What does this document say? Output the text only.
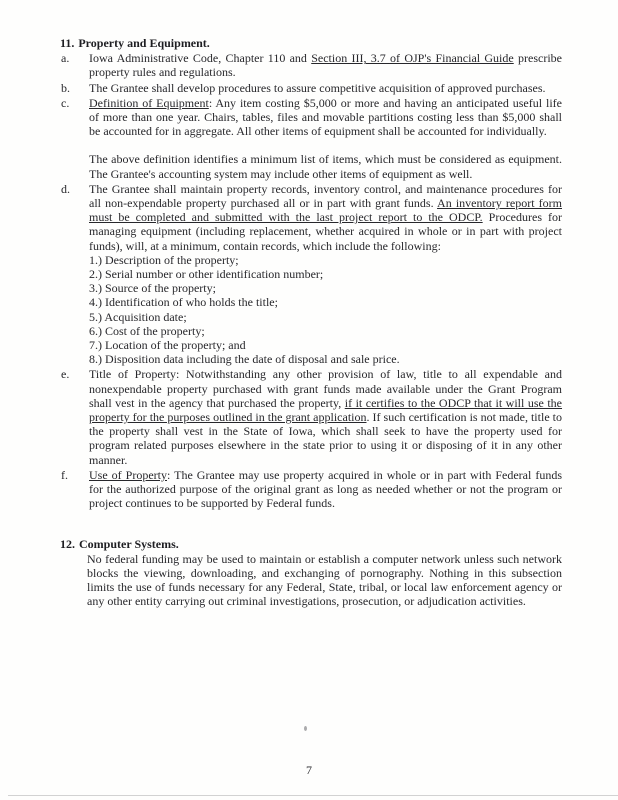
11. Property and Equipment.
a.	Iowa Administrative Code, Chapter 110 and Section III, 3.7 of OJP's Financial Guide prescribe property rules and regulations.

b.	The Grantee shall develop procedures to assure competitive acquisition of approved purchases.

c.	Definition of Equipment: Any item costing $5,000 or more and having an anticipated useful life of more than one year. Chairs, tables, files and movable partitions costing less than $5,000 shall be accounted for in aggregate. All other items of equipment shall be accounted for individually.

The above definition identifies a minimum list of items, which must be considered as equipment. The Grantee's accounting system may include other items of equipment as well.

d.	The Grantee shall maintain property records, inventory control, and maintenance procedures for all non-expendable property purchased all or in part with grant funds. An inventory report form must be completed and submitted with the last project report to the ODCP. Procedures for managing equipment (including replacement, whether acquired in whole or in part with project funds), will, at a minimum, contain records, which include the following:

1.) Description of the property;
2.) Serial number or other identification number;
3.) Source of the property;
4.) Identification of who holds the title;
5.) Acquisition date;
6.) Cost of the property;
7.) Location of the property; and
8.) Disposition data including the date of disposal and sale price.
e.	Title of Property: Notwithstanding any other provision of law, title to all expendable and nonexpendable property purchased with grant funds made available under the Grant Program shall vest in the agency that purchased the property, if it certifies to the ODCP that it will use the property for the purposes outlined in the grant application. If such certification is not made, title to the property shall vest in the State of Iowa, which shall seek to have the property used for program related purposes elsewhere in the state prior to using it or disposing of it in any other manner.

f.	Use of Property: The Grantee may use property acquired in whole or in part with Federal funds for the authorized purpose of the original grant as long as needed whether or not the program or project continues to be supported by Federal funds.

12. Computer Systems.

No federal funding may be used to maintain or establish a computer network unless such network blocks the viewing, downloading, and exchanging of pornography. Nothing in this subsection limits the use of funds necessary for any Federal, State, tribal, or local law enforcement agency or any other entity carrying out criminal investigations, prosecution, or adjudication activities.

7
